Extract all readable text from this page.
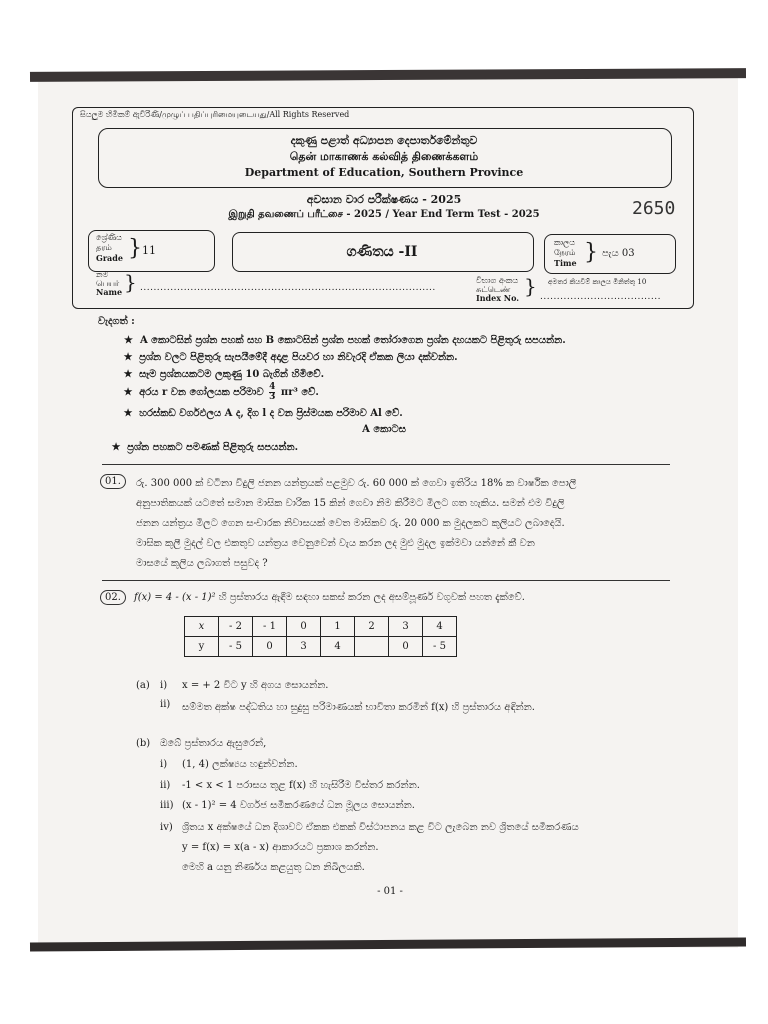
සියලුම හිමිකම් ඇවිරිණි/முழுப் பதிப்புரிமையுடையது/All Rights Reserved
දකුණු පළාත් අධ්‍යාපන දෙපාර්තමේන්තුව
தென் மாகாணக் கல்வித் திணைக்களம்
Department of Education, Southern Province
අවසාන වාර පරීක්ෂණය - 2025
இறுதி தவணைப் பரீட்சை - 2025 / Year End Term Test - 2025	2650
ශ්‍රේණිය
தரம்
Grade } 11	ගණිතය -II
කාලය
நேரம்
Time } පැය 03
නම
பெயர்
Name } ........................................................................................
විභාග අංකය
சுட்டெண்
Index No. } අමතර කියවීම් කාලය මිනිත්තු 10
....................................
වැදගත් :
★ A කොටසින් ප්‍රශ්න පහක් සහ B කොටසින් ප්‍රශ්න පහක් තෝරාගෙන ප්‍රශ්න දහයකට පිළිතුරු සපයන්න.
★ ප්‍රශ්න වලට පිළිතුරු සැපයීමේදී අදාළ පියවර හා නිවැරදි ඒකක ලියා දක්වන්න.
★ සෑම ප්‍රශ්නයකටම ලකුණු 10 බැගින් හිමිවේ.
★ අරය r වන ගෝලයක පරිමාව $\frac{4}{3} \pi r^3$ වේ.
★ හරස්කඩ වර්ගඵලය A ද, දිග l ද වන ප්‍රිස්මයක පරිමාව Al වේ.
A කොටස
★ ප්‍රශ්න පහකට පමණක් පිළිතුරු සපයන්න.
01.	රු. 300 000 ක් වටිනා විදුලි ජනන යන්ත්‍රයක් පළමුව රු. 60 000 ක් ගෙවා ඉතිරිය 18% ක වාර්ෂික පොලී
අනුපාතිකයක් යටතේ සමාන මාසික වාරික 15 කින් ගෙවා නිම කිරීමට මිලට ගත හැකිය. සමන් එම විදුලි
ජනන යන්ත්‍රය මිලට ගෙන සංචාරක නිවාසයක් වෙත මාසිකව රු. 20 000 ක මුදලකට කුලියට ලබාදෙයි.
මාසික කුලී මුදල් වල එකතුව යන්ත්‍රය වෙනුවෙන් වැය කරන ලද මුළු මුදල ඉක්මවා යන්නේ කී වන
මාසයේ කුලිය ලබාගත් පසුවද ?
02.	f(x) = 4 - (x - 1)² හි ප්‍රස්තාරය ඇඳීම සඳහා සකස් කරන ලද අසම්පූර්ණ වගුවක් පහත දැක්වේ.
x	- 2	- 1	0	1	2	3	4
y	- 5	0	3	4		0	- 5
(a) i) x = + 2 විට y හි අගය සොයන්න.
ii) සම්මත අක්ෂ පද්ධතිය හා සුදුසු පරිමාණයක් භාවිතා කරමින් f(x) හි ප්‍රස්තාරය අඳින්න.
(b) ඔබේ ප්‍රස්තාරය ඇසුරෙන්,
i) (1, 4) ලක්ෂ්‍යය හඳුන්වන්න.
ii) -1 < x < 1 පරාසය තුළ f(x) හි හැසිරීම විස්තර කරන්න.
iii) (x - 1)² = 4 වර්ගජ සමීකරණයේ ධන මූලය සොයන්න.
iv) ශ්‍රිතය x අක්ෂයේ ධන දිශාවට ඒකක එකක් විස්ථාපනය කළ විට ලැබෙන නව ශ්‍රිතයේ සමීකරණය
y = f(x) = x(a - x) ආකාරයට ප්‍රකාශ කරන්න.
මෙහි a යනු නිර්ණය කළයුතු ධන නිඛිලයකි.
- 01 -
